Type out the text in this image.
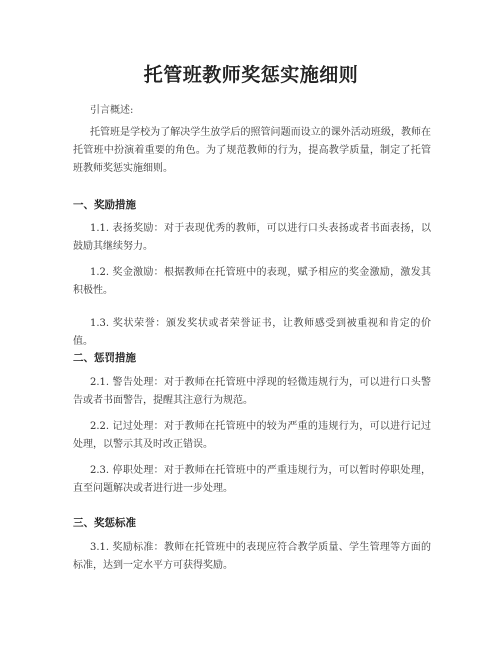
托管班教师奖惩实施细则

引言概述:

托管班是学校为了解决学生放学后的照管问题而设立的课外活动班级，教师在托管班中扮演着重要的角色。为了规范教师的行为，提高教学质量，制定了托管班教师奖惩实施细则。

一、奖励措施

1.1. 表扬奖励：对于表现优秀的教师，可以进行口头表扬或者书面表扬，以鼓励其继续努力。

1.2. 奖金激励：根据教师在托管班中的表现，赋予相应的奖金激励，激发其积极性。

1.3. 奖状荣誉：颁发奖状或者荣誉证书，让教师感受到被重视和肯定的价值。

二、惩罚措施

2.1. 警告处理：对于教师在托管班中浮现的轻微违规行为，可以进行口头警告或者书面警告，提醒其注意行为规范。

2.2. 记过处理：对于教师在托管班中的较为严重的违规行为，可以进行记过处理，以警示其及时改正错误。

2.3. 停职处理：对于教师在托管班中的严重违规行为，可以暂时停职处理，直至问题解决或者进行进一步处理。

三、奖惩标准

3.1. 奖励标准：教师在托管班中的表现应符合教学质量、学生管理等方面的标准，达到一定水平方可获得奖励。
